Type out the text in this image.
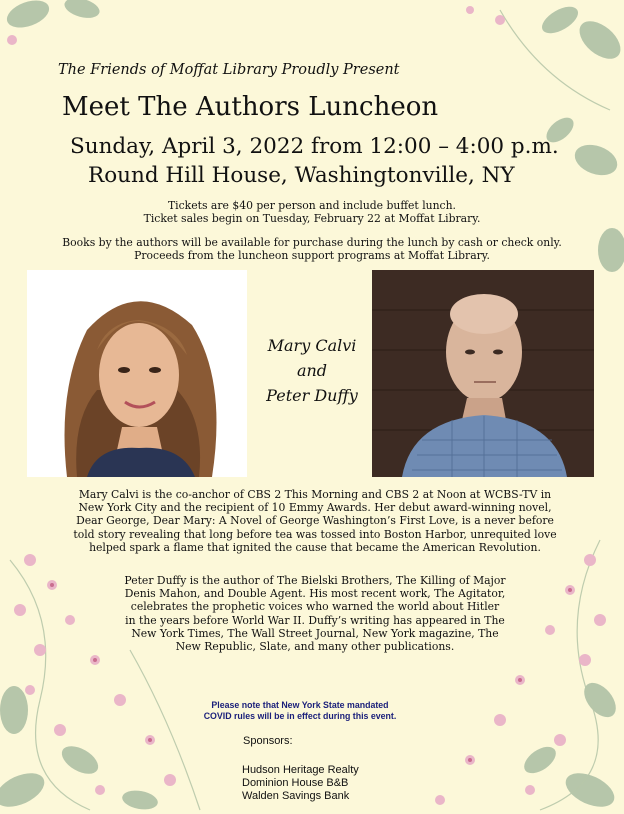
The Friends of Moffat Library Proudly Present

Meet The Authors Luncheon

Sunday, April 3, 2022 from 12:00 – 4:00 p.m.

Round Hill House, Washingtonville, NY

Tickets are $40 per person and include buffet lunch.
Ticket sales begin on Tuesday, February 22 at Moffat Library.
Books by the authors will be available for purchase during the lunch by cash or check only.
Proceeds from the luncheon support programs at Moffat Library.
Mary Calvi
and
Peter Duffy
Mary Calvi is the co-anchor of CBS 2 This Morning and CBS 2 at Noon at WCBS-TV in
New York City and the recipient of 10 Emmy Awards. Her debut award-winning novel,
Dear George, Dear Mary: A Novel of George Washington’s First Love, is a never before
told story revealing that long before tea was tossed into Boston Harbor, unrequited love
helped spark a flame that ignited the cause that became the American Revolution.
Peter Duffy is the author of The Bielski Brothers, The Killing of Major
Denis Mahon, and Double Agent. His most recent work, The Agitator,
celebrates the prophetic voices who warned the world about Hitler
in the years before World War II. Duffy’s writing has appeared in The
New York Times, The Wall Street Journal, New York magazine, The
New Republic, Slate, and many other publications.
Please note that New York State mandated
COVID rules will be in effect during this event.

Sponsors:

Hudson Heritage Realty
Dominion House B&B
Walden Savings Bank
